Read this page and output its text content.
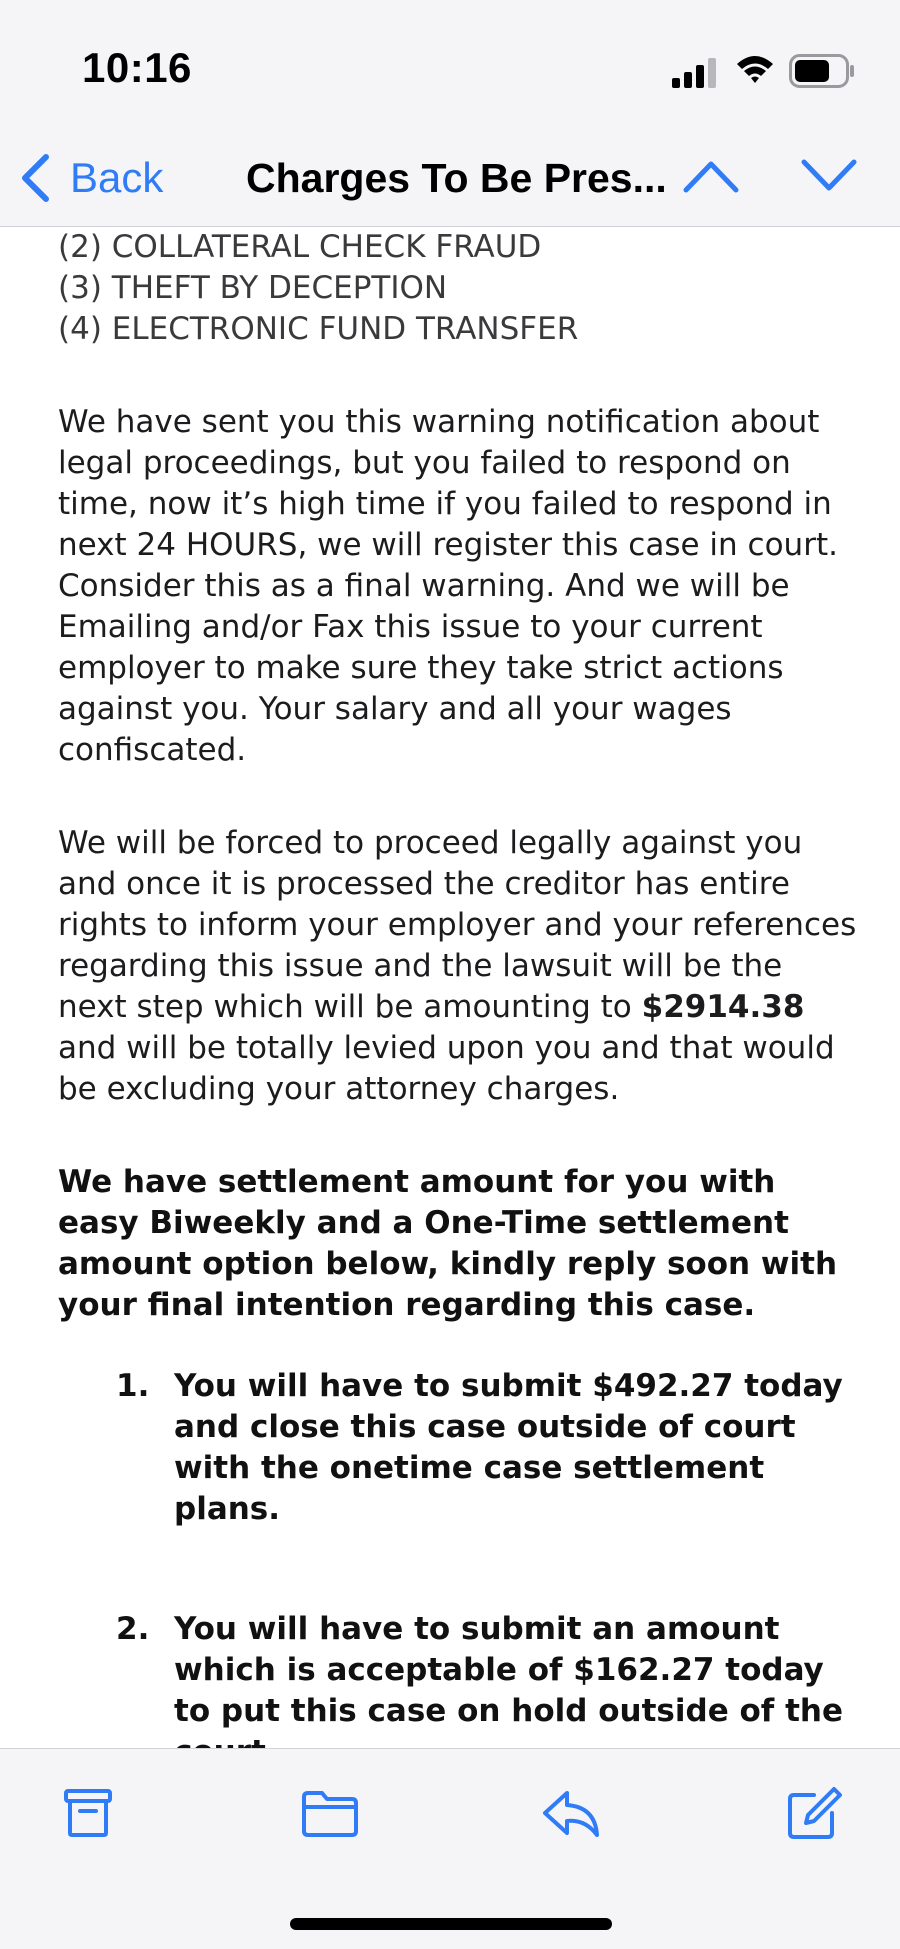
10:16
Back Charges To Be Pres...
(2) COLLATERAL CHECK FRAUD
(3) THEFT BY DECEPTION
(4) ELECTRONIC FUND TRANSFER
We have sent you this warning notification about legal proceedings, but you failed to respond on time, now it’s high time if you failed to respond in next 24 HOURS, we will register this case in court. Consider this as a final warning. And we will be Emailing and/or Fax this issue to your current employer to make sure they take strict actions against you. Your salary and all your wages confiscated.
We will be forced to proceed legally against you and once it is processed the creditor has entire rights to inform your employer and your references regarding this issue and the lawsuit will be the next step which will be amounting to $2914.38 and will be totally levied upon you and that would be excluding your attorney charges.
We have settlement amount for you with easy Biweekly and a One-Time settlement amount option below, kindly reply soon with your final intention regarding this case.
1. You will have to submit $492.27 today and close this case outside of court with the onetime case settlement plans.
2. You will have to submit an amount which is acceptable of $162.27 today to put this case on hold outside of the
